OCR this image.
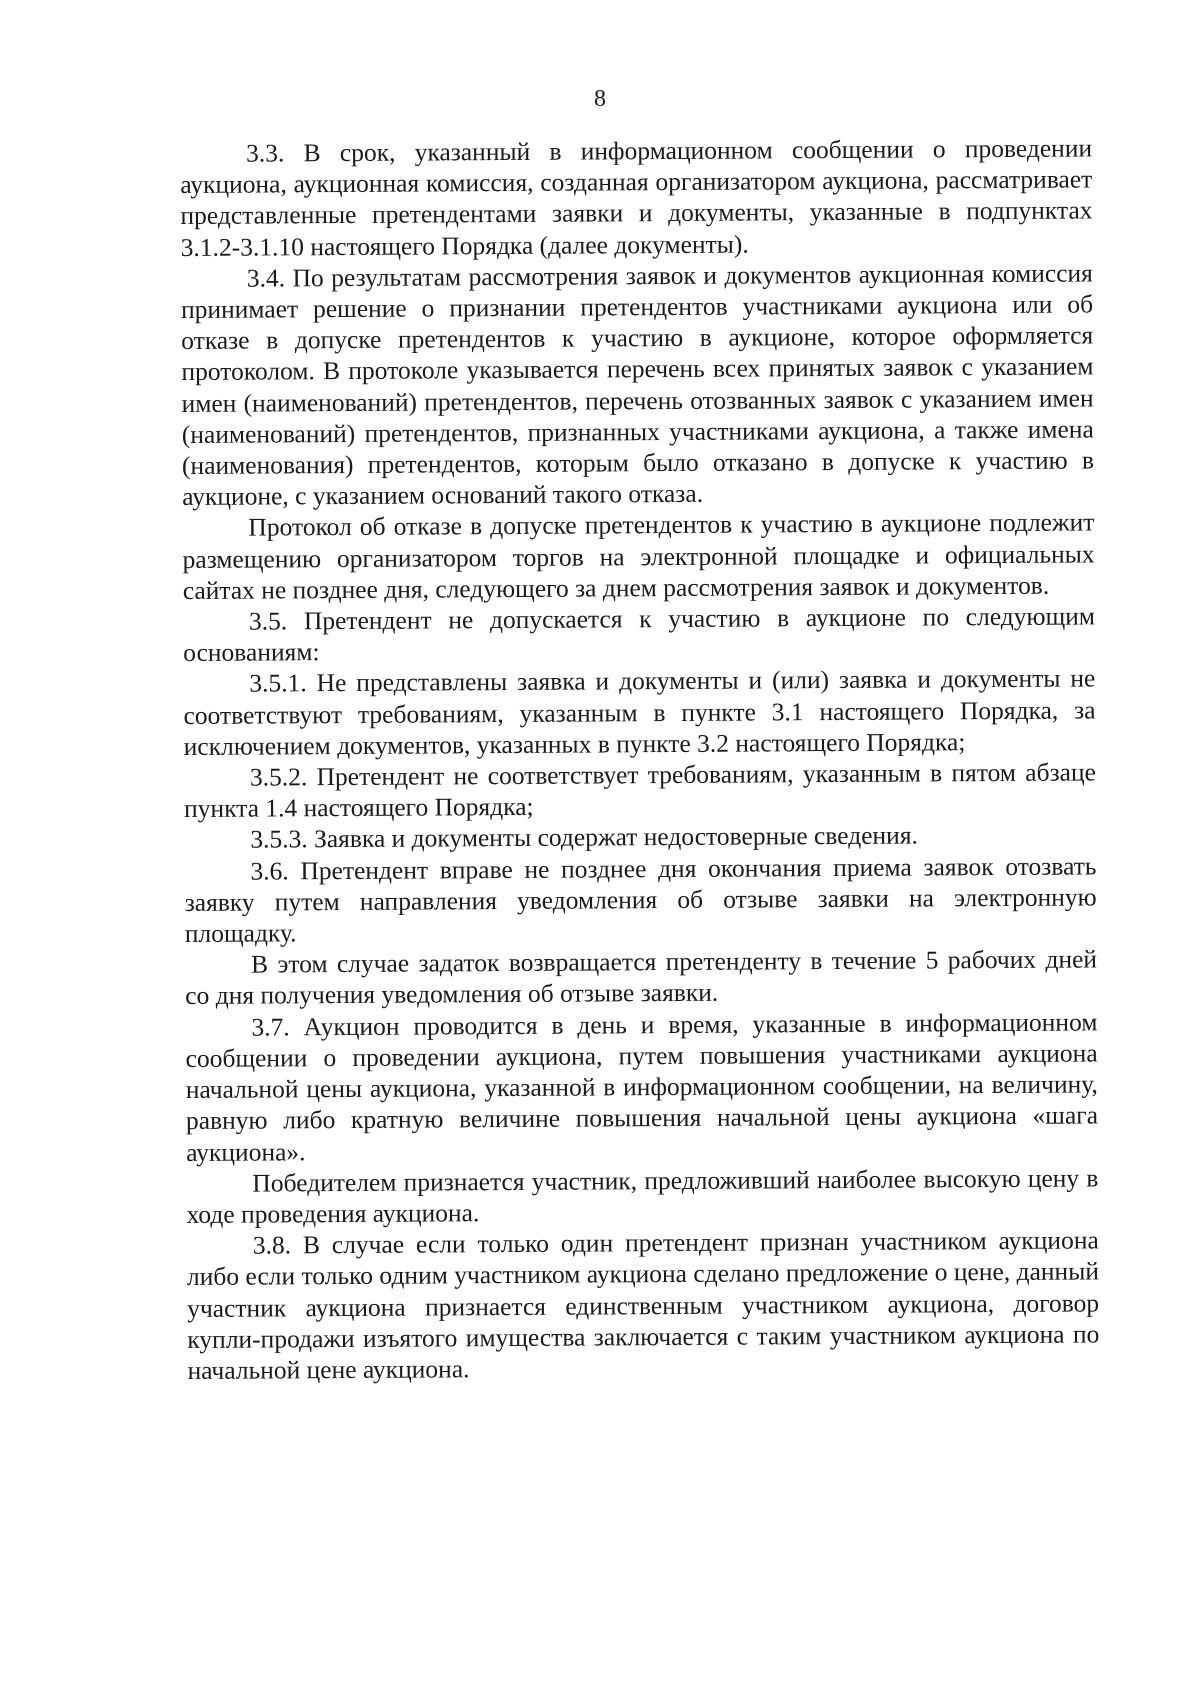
8

3.3. В срок, указанный в информационном сообщении о проведении аукциона, аукционная комиссия, созданная организатором аукциона, рассматривает представленные претендентами заявки и документы, указанные в подпунктах 3.1.2-3.1.10 настоящего Порядка (далее документы).

3.4. По результатам рассмотрения заявок и документов аукционная комиссия принимает решение о признании претендентов участниками аукциона или об отказе в допуске претендентов к участию в аукционе, которое оформляется протоколом. В протоколе указывается перечень всех принятых заявок с указанием имен (наименований) претендентов, перечень отозванных заявок с указанием имен (наименований) претендентов, признанных участниками аукциона, а также имена (наименования) претендентов, которым было отказано в допуске к участию в аукционе, с указанием оснований такого отказа.

Протокол об отказе в допуске претендентов к участию в аукционе подлежит размещению организатором торгов на электронной площадке и официальных сайтах не позднее дня, следующего за днем рассмотрения заявок и документов.

3.5. Претендент не допускается к участию в аукционе по следующим основаниям:

3.5.1. Не представлены заявка и документы и (или) заявка и документы не соответствуют требованиям, указанным в пункте 3.1 настоящего Порядка, за исключением документов, указанных в пункте 3.2 настоящего Порядка;

3.5.2. Претендент не соответствует требованиям, указанным в пятом абзаце пункта 1.4 настоящего Порядка;

3.5.3. Заявка и документы содержат недостоверные сведения.

3.6. Претендент вправе не позднее дня окончания приема заявок отозвать заявку путем направления уведомления об отзыве заявки на электронную площадку.

В этом случае задаток возвращается претенденту в течение 5 рабочих дней со дня получения уведомления об отзыве заявки.

3.7. Аукцион проводится в день и время, указанные в информационном сообщении о проведении аукциона, путем повышения участниками аукциона начальной цены аукциона, указанной в информационном сообщении, на величину, равную либо кратную величине повышения начальной цены аукциона «шага аукциона».

Победителем признается участник, предложивший наиболее высокую цену в ходе проведения аукциона.

3.8. В случае если только один претендент признан участником аукциона либо если только одним участником аукциона сделано предложение о цене, данный участник аукциона признается единственным участником аукциона, договор купли-продажи изъятого имущества заключается с таким участником аукциона по начальной цене аукциона.
